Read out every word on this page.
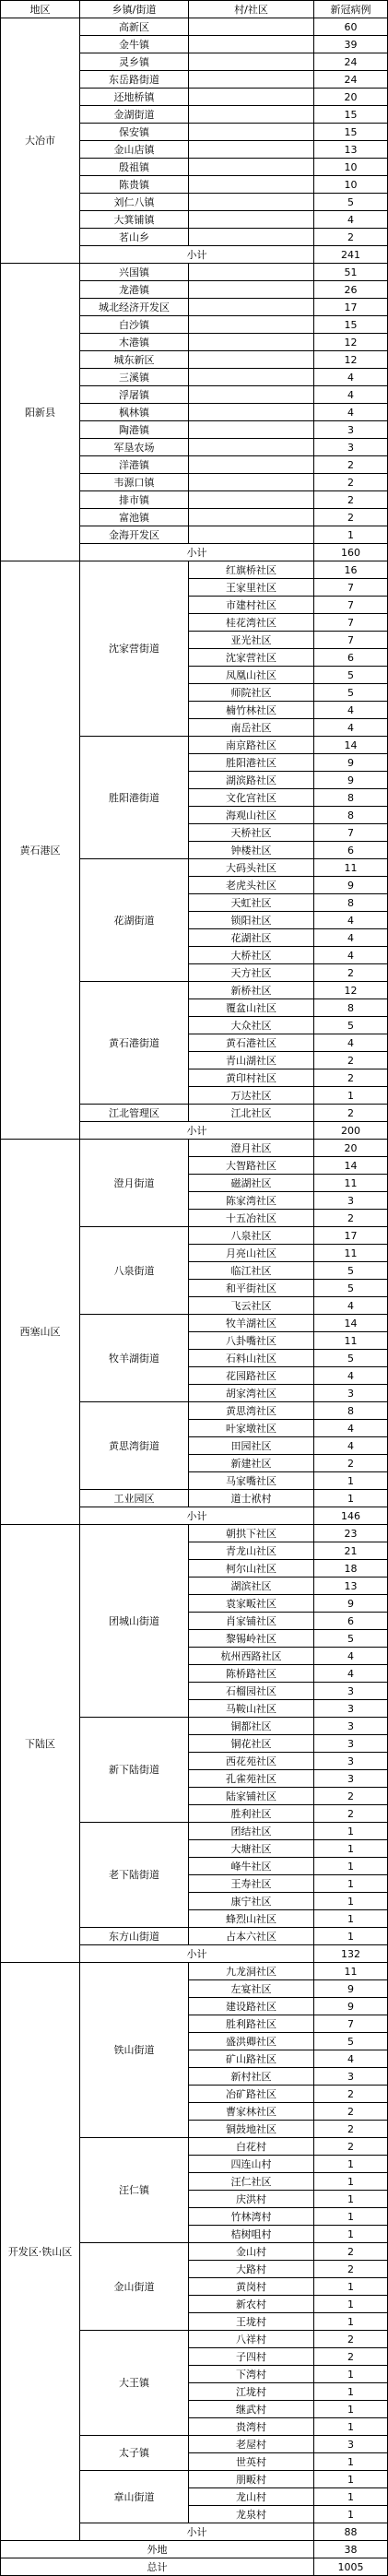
地区	乡镇/街道	村/社区	新冠病例
大冶市	高新区		60
	金牛镇		39
	灵乡镇		24
	东岳路街道		24
	还地桥镇		20
	金湖街道		15
	保安镇		15
	金山店镇		13
	殷祖镇		10
	陈贵镇		10
	刘仁八镇		5
	大箕铺镇		4
	茗山乡		2
	小计		241
阳新县	兴国镇		51
	龙港镇		26
	城北经济开发区		17
	白沙镇		15
	木港镇		12
	城东新区		12
	三溪镇		4
	浮屠镇		4
	枫林镇		4
	陶港镇		3
	军垦农场		3
	洋港镇		2
	韦源口镇		2
	排市镇		2
	富池镇		2
	金海开发区		1
	小计		160
黄石港区	沈家营街道	红旗桥社区	16
		王家里社区	7
		市建村社区	7
		桂花湾社区	7
		亚光社区	7
		沈家营社区	6
		凤凰山社区	5
		师院社区	5
		楠竹林社区	4
		南岳社区	4
	胜阳港街道	南京路社区	14
		胜阳港社区	9
		湖滨路社区	9
		文化宫社区	8
		海观山社区	8
		天桥社区	7
		钟楼社区	6
	花湖街道	大码头社区	11
		老虎头社区	9
		天虹社区	8
		锁阳社区	4
		花湖社区	4
		大桥社区	4
		天方社区	2
	黄石港街道	新桥社区	12
		覆盆山社区	8
		大众社区	5
		黄石港社区	4
		青山湖社区	2
		黄印村社区	2
		万达社区	1
	江北管理区	江北社区	2
	小计		200
西塞山区	澄月街道	澄月社区	20
		大智路社区	14
		磁湖社区	11
		陈家湾社区	3
		十五冶社区	2
	八泉街道	八泉社区	17
		月亮山社区	11
		临江社区	5
		和平街社区	5
		飞云社区	4
	牧羊湖街道	牧羊湖社区	14
		八卦嘴社区	11
		石料山社区	5
		花园路社区	4
		胡家湾社区	3
	黄思湾街道	黄思湾社区	8
		叶家墩社区	4
		田园社区	4
		新建社区	2
		马家嘴社区	1
	工业园区	道士袱村	1
	小计		146
下陆区	团城山街道	朝拱下社区	23
		青龙山社区	21
		柯尔山社区	18
		湖滨社区	13
		袁家畈社区	9
		肖家铺社区	6
		黎锡岭社区	5
		杭州西路社区	4
		陈桥路社区	4
		石榴园社区	3
		马鞍山社区	3
	新下陆街道	铜都社区	3
		铜花社区	3
		西花苑社区	3
		孔雀苑社区	3
		陆家铺社区	2
		胜利社区	2
	老下陆街道	团结社区	1
		大塘社区	1
		峰牛社区	1
		王寿社区	1
		康宁社区	1
		蜂烈山社区	1
	东方山街道	占本六社区	1
	小计		132
开发区·铁山区	铁山街道	九龙洞社区	11
		左宴社区	9
		建设路社区	9
		胜利路社区	7
		盛洪卿社区	5
		矿山路社区	4
		新村社区	3
		冶矿路社区	2
		曹家林社区	2
		铜鼓地社区	2
	汪仁镇	白花村	2
		四连山村	1
		汪仁社区	1
		庆洪村	1
		竹林湾村	1
		桔树咀村	1
	金山街道	金山村	2
		大路村	2
		黄岗村	1
		新农村	1
		王垅村	1
	大王镇	八祥村	2
		子四村	2
		下湾村	1
		江垅村	1
		继武村	1
		贵湾村	1
	太子镇	老屋村	3
		世英村	1
	章山街道	朋畈村	1
		龙山村	1
		龙泉村	1
	小计		88
外地			38
总计			1005
